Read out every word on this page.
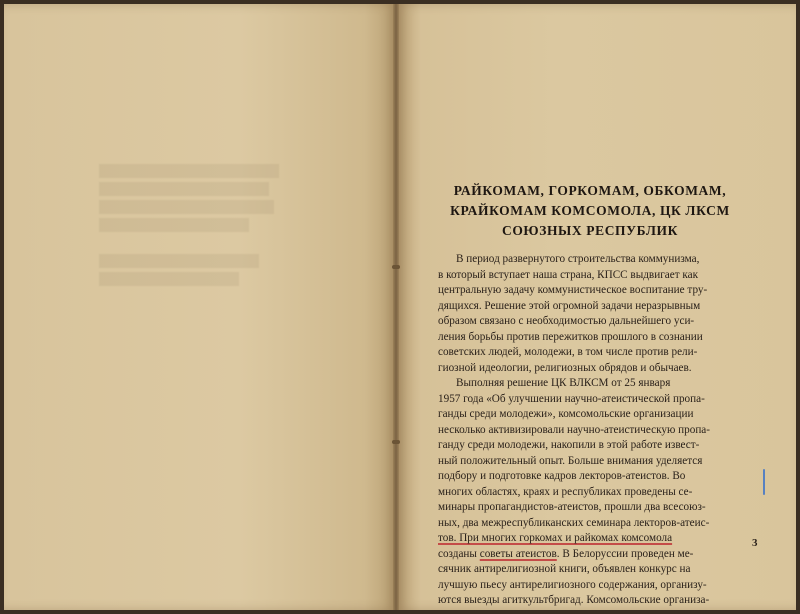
РАЙКОМАМ, ГОРКОМАМ, ОБКОМАМ,
КРАЙКОМАМ КОМСОМОЛА, ЦК ЛКСМ
СОЮЗНЫХ РЕСПУБЛИК
В период развернутого строительства коммунизма,
в который вступает наша страна, КПСС выдвигает как
центральную задачу коммунистическое воспитание тру-
дящихся. Решение этой огромной задачи неразрывным
образом связано с необходимостью дальнейшего уси-
ления борьбы против пережитков прошлого в сознании
советских людей, молодежи, в том числе против рели-
гиозной идеологии, религиозных обрядов и обычаев.
Выполняя решение ЦК ВЛКСМ от 25 января
1957 года «Об улучшении научно-атеистической пропа-
ганды среди молодежи», комсомольские организации
несколько активизировали научно-атеистическую пропа-
ганду среди молодежи, накопили в этой работе извест-
ный положительный опыт. Больше внимания уделяется
подбору и подготовке кадров лекторов-атеистов. Во
многих областях, краях и республиках проведены се-
минары пропагандистов-атеистов, прошли два всесоюз-
ных, два межреспубликанских семинара лекторов-атеис-
тов. При многих горкомах и райкомах комсомола
созданы советы атеистов. В Белоруссии проведен ме-
сячник антирелигиозной книги, объявлен конкурс на
лучшую пьесу антирелигиозного содержания, организу-
ются выезды агиткультбригад. Комсомольские организа-
3
